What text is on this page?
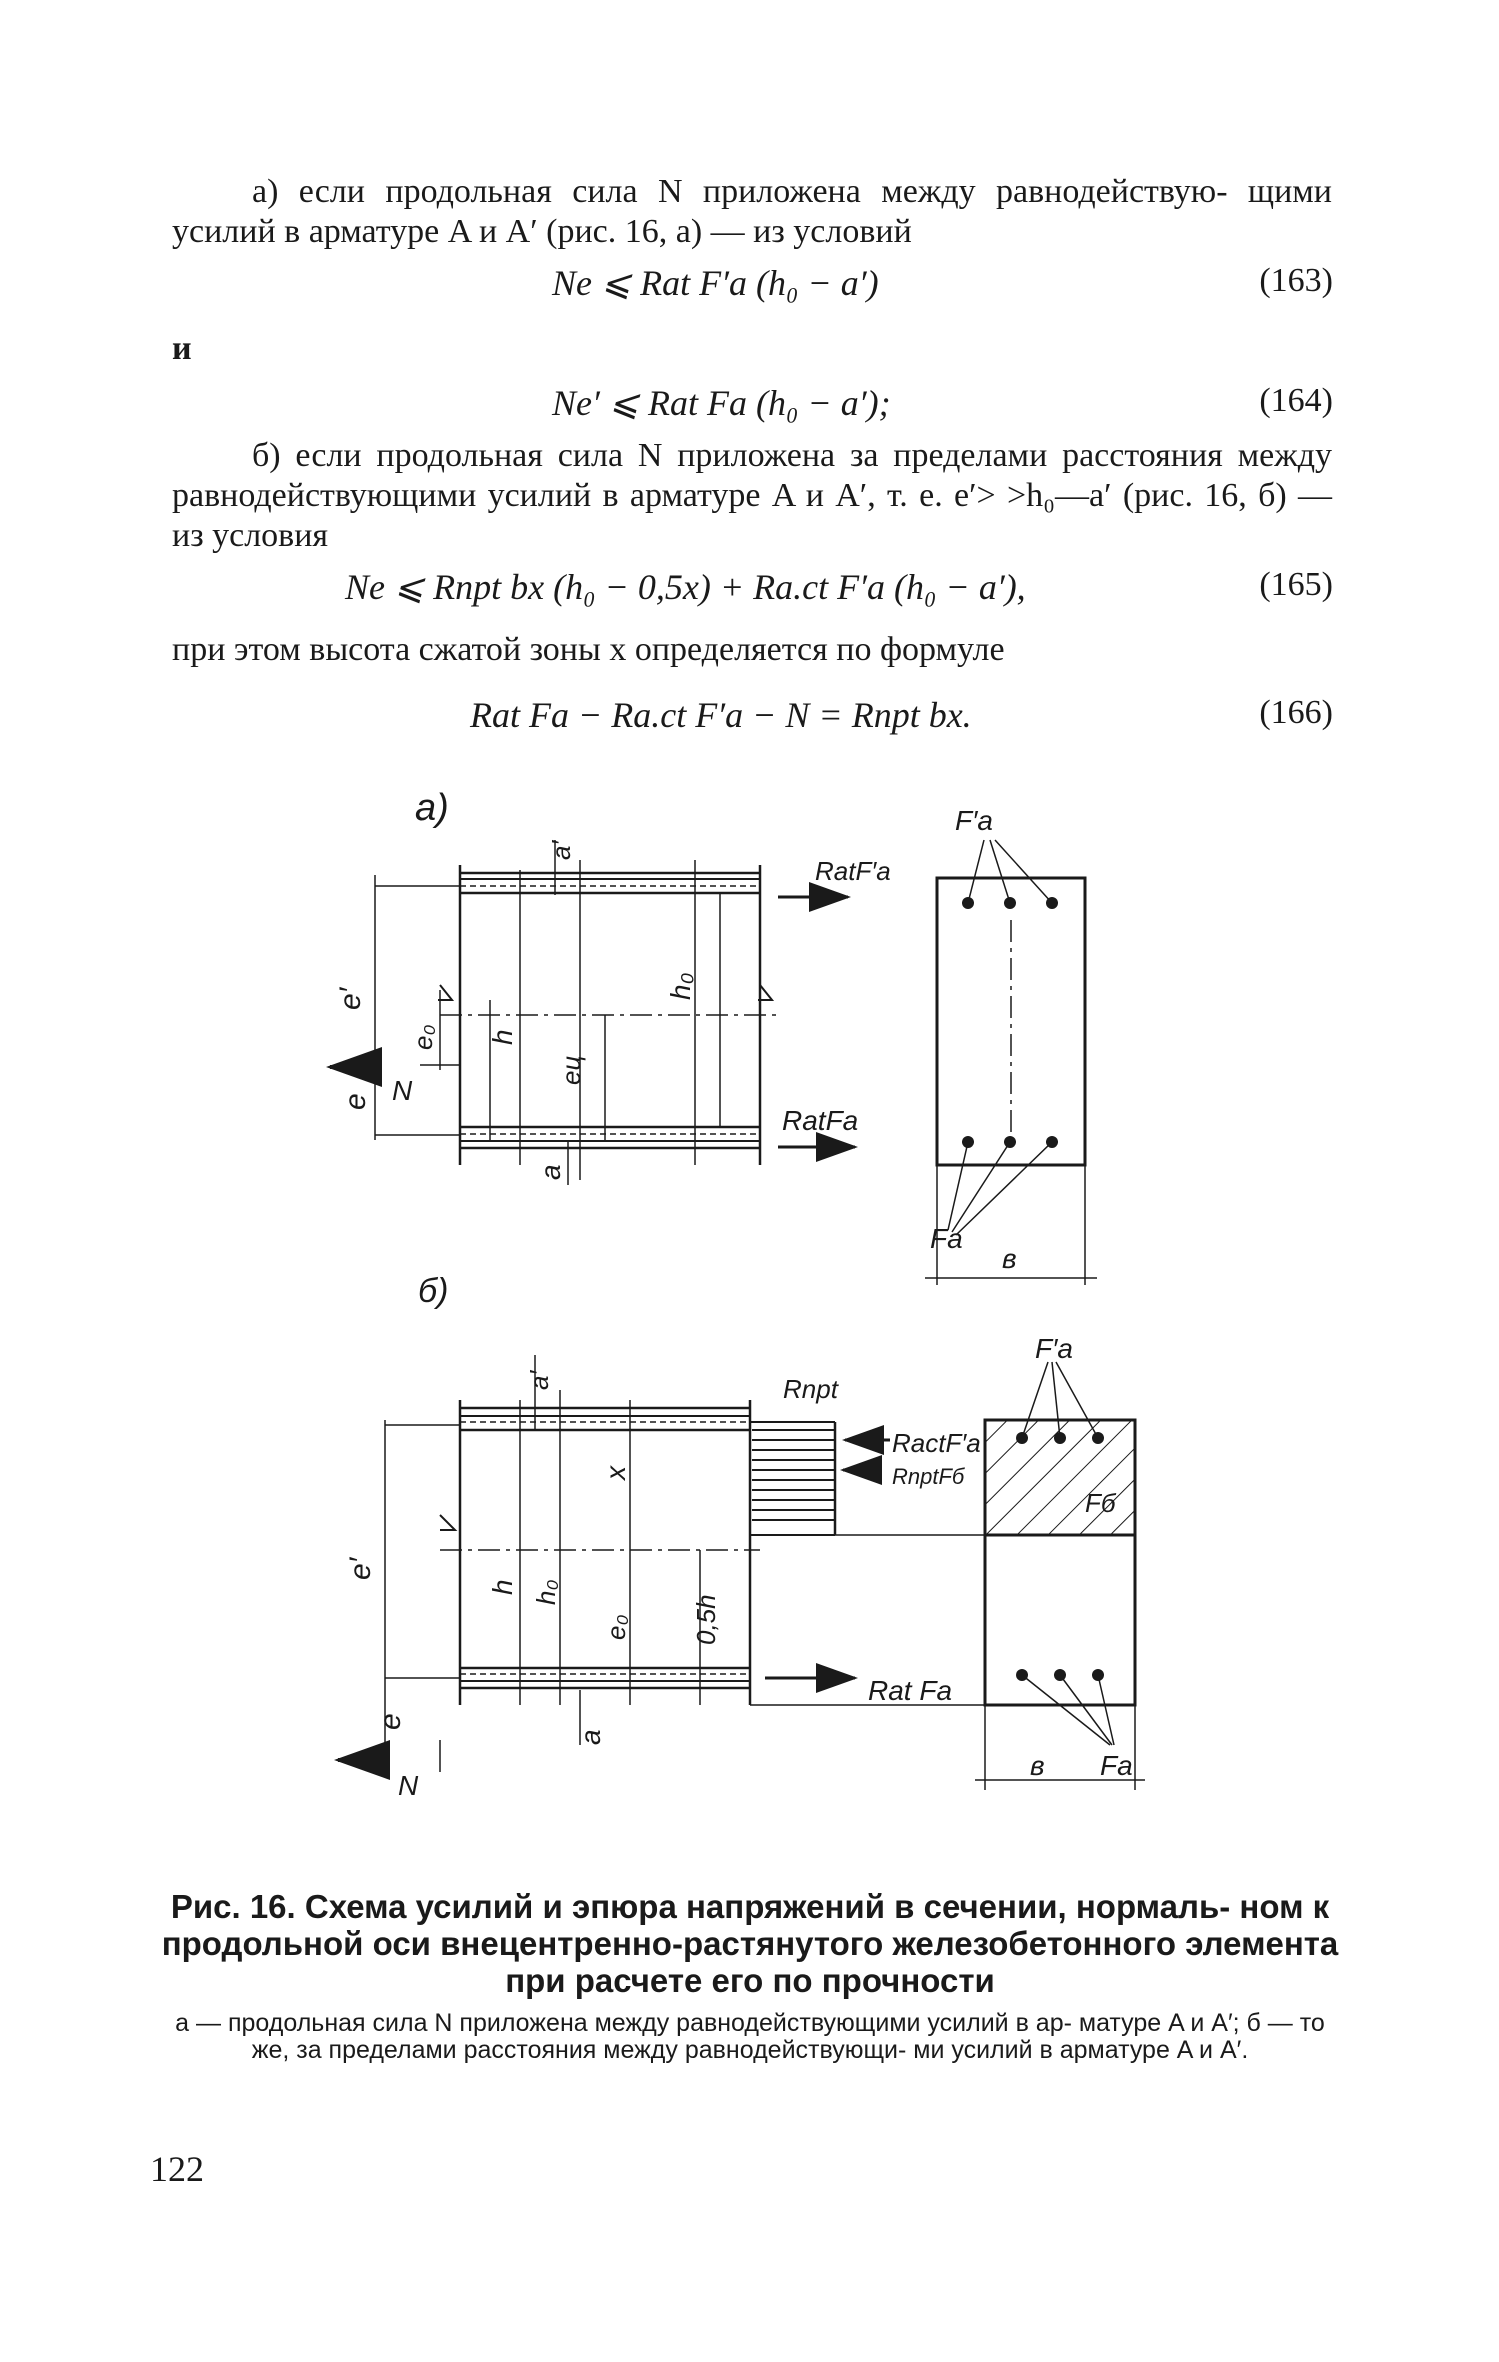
а) если продольная сила N приложена между равнодействую- щими усилий в арматуре A и A′ (рис. 16, а) — из условий
Ne ⩽ Rat F′a (h₀ − a′)	(163)
и
Ne′ ⩽ Rat Fa (h₀ − a′);	(164)
б) если продольная сила N приложена за пределами расстояния между равнодействующими усилий в арматуре A и A′, т. е. e′> >h₀—a′ (рис. 16, б) — из условия
Ne ⩽ Rпрt bx (h₀ − 0,5x) + Ra.ct F′a (h₀ − a′),	(165)
при этом высота сжатой зоны x определяется по формуле
Rat Fa − Ra.ct F′a − N = Rпрt bx.	(166)
а)
e′
a′
h₀
e₀ h
eц
e N
a
RatF′a
RatFa
F′a
Fa
в
б)
e′
a′
x
h h₀
e₀ 0,5h
e
N
a
Rnpt
RactF′a
RnptFб
Rat Fa
F′a
Fб
в Fa
Рис. 16. Схема усилий и эпюра напряжений в сечении, нормаль- ном к продольной оси внецентренно-растянутого железобетонного элемента при расчете его по прочности
а — продольная сила N приложена между равнодействующими усилий в ар- матуре A и A′; б — то же, за пределами расстояния между равнодействующи- ми усилий в арматуре A и A′.
122
